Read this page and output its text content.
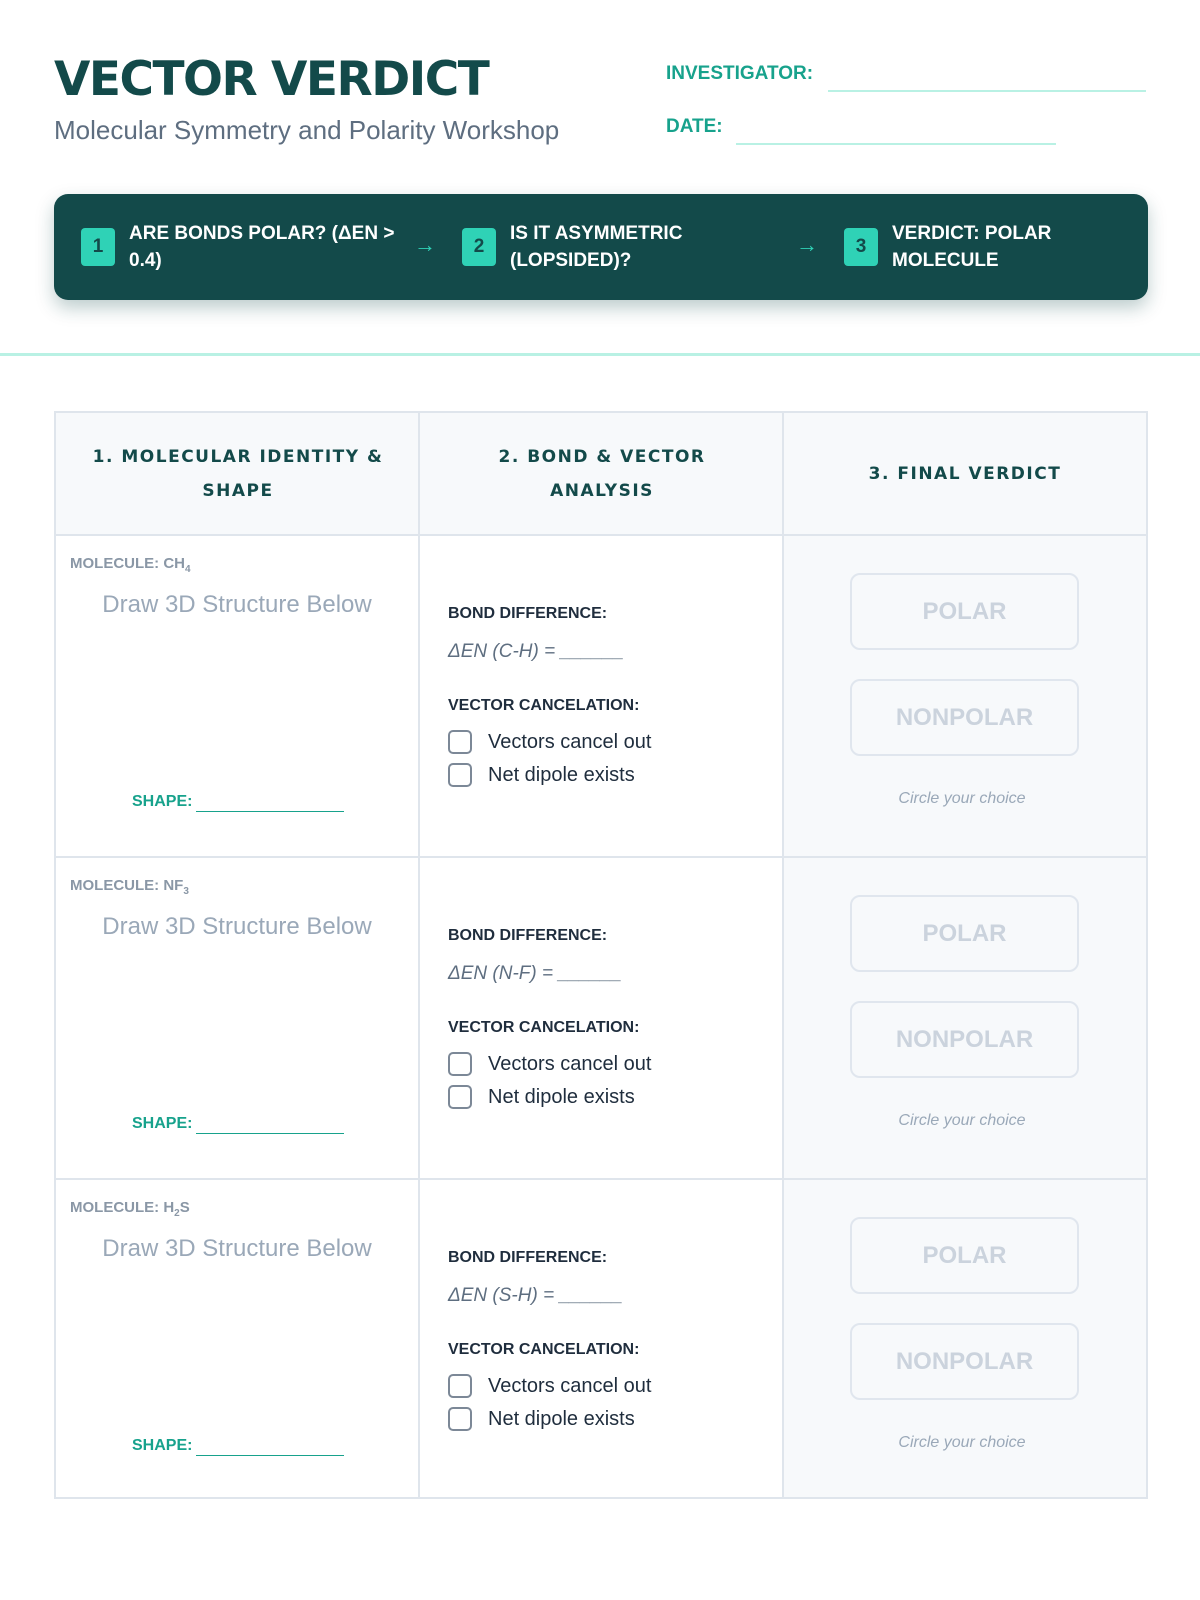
VECTOR VERDICT
Molecular Symmetry and Polarity Workshop
INVESTIGATOR:
DATE:
1
ARE BONDS POLAR? (ΔEN > 0.4)
→	2
IS IT ASYMMETRIC (LOPSIDED)?
→	3
VERDICT: POLAR MOLECULE
1. MOLECULAR IDENTITY & SHAPE
2. BOND & VECTOR ANALYSIS
3. FINAL VERDICT
MOLECULE: $CH_4$
Draw 3D Structure Below
SHAPE:
BOND DIFFERENCE:
ΔEN (C-H) = ______
VECTOR CANCELATION:
Vectors cancel out
Net dipole exists
POLAR
NONPOLAR
Circle your choice
MOLECULE: $NF_3$
Draw 3D Structure Below
SHAPE:
BOND DIFFERENCE:
ΔEN (N-F) = ______
VECTOR CANCELATION:
Vectors cancel out
Net dipole exists
POLAR
NONPOLAR
Circle your choice
MOLECULE: $H_2S$
Draw 3D Structure Below
SHAPE:
BOND DIFFERENCE:
ΔEN (S-H) = ______
VECTOR CANCELATION:
Vectors cancel out
Net dipole exists
POLAR
NONPOLAR
Circle your choice
